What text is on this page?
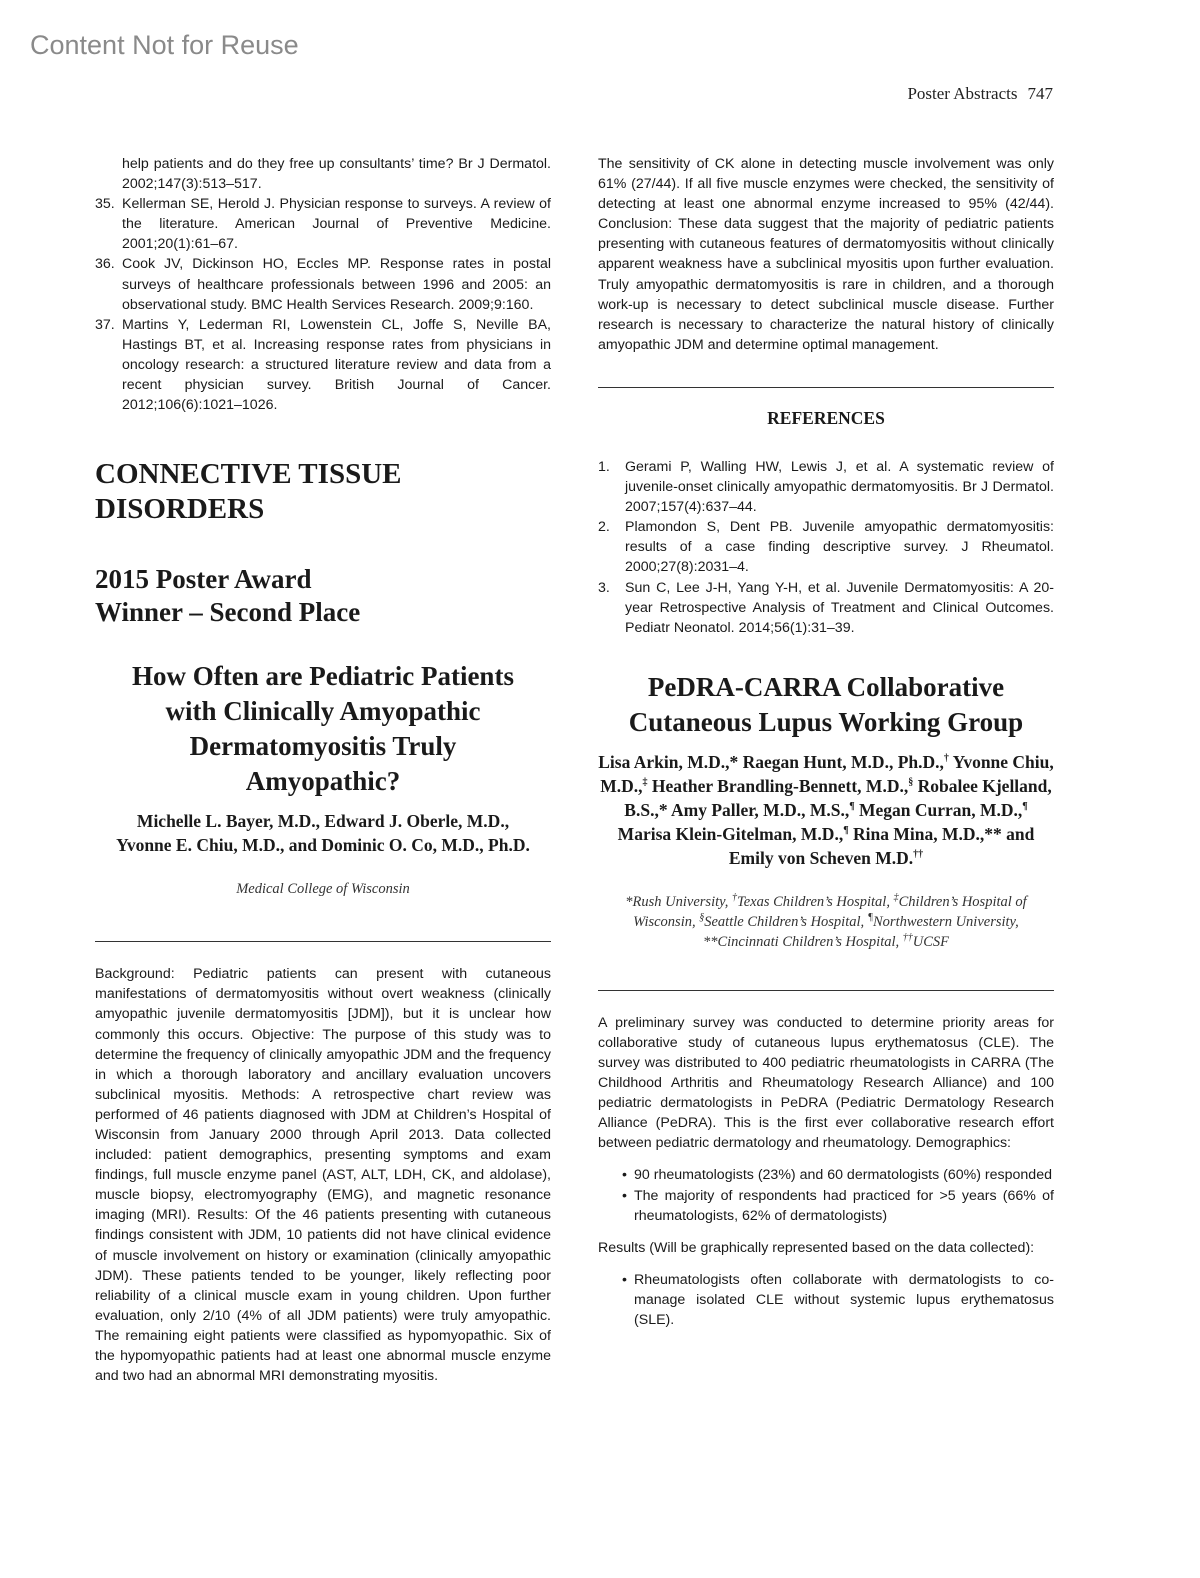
Content Not for Reuse
Poster Abstracts 747

help patients and do they free up consultants’ time? Br J Dermatol. 2002;147(3):513–517.

35. Kellerman SE, Herold J. Physician response to surveys. A review of the literature. American Journal of Preventive Medicine. 2001;20(1):61–67.
36. Cook JV, Dickinson HO, Eccles MP. Response rates in postal surveys of healthcare professionals between 1996 and 2005: an observational study. BMC Health Services Research. 2009;9:160.
37. Martins Y, Lederman RI, Lowenstein CL, Joffe S, Neville BA, Hastings BT, et al. Increasing response rates from physicians in oncology research: a structured literature review and data from a recent physician survey. British Journal of Cancer. 2012;106(6):1021–1026.
CONNECTIVE TISSUE
DISORDERS
2015 Poster Award
Winner – Second Place
How Often are Pediatric Patients
with Clinically Amyopathic
Dermatomyositis Truly
Amyopathic?

Michelle L. Bayer, M.D., Edward J. Oberle, M.D.,
Yvonne E. Chiu, M.D., and Dominic O. Co, M.D., Ph.D.

Medical College of Wisconsin

Background: Pediatric patients can present with cutaneous manifestations of dermatomyositis without overt weakness (clinically amyopathic juvenile dermatomyositis [JDM]), but it is unclear how commonly this occurs. Objective: The purpose of this study was to determine the frequency of clinically amyopathic JDM and the frequency in which a thorough laboratory and ancillary evaluation uncovers subclinical myositis. Methods: A retrospective chart review was performed of 46 patients diagnosed with JDM at Children’s Hospital of Wisconsin from January 2000 through April 2013. Data collected included: patient demographics, presenting symptoms and exam findings, full muscle enzyme panel (AST, ALT, LDH, CK, and aldolase), muscle biopsy, electromyography (EMG), and magnetic resonance imaging (MRI). Results: Of the 46 patients presenting with cutaneous findings consistent with JDM, 10 patients did not have clinical evidence of muscle involvement on history or examination (clinically amyopathic JDM). These patients tended to be younger, likely reflecting poor reliability of a clinical muscle exam in young children. Upon further evaluation, only 2/10 (4% of all JDM patients) were truly amyopathic. The remaining eight patients were classified as hypomyopathic. Six of the hypomyopathic patients had at least one abnormal muscle enzyme and two had an abnormal MRI demonstrating myositis.

The sensitivity of CK alone in detecting muscle involvement was only 61% (27/44). If all five muscle enzymes were checked, the sensitivity of detecting at least one abnormal enzyme increased to 95% (42/44). Conclusion: These data suggest that the majority of pediatric patients presenting with cutaneous features of dermatomyositis without clinically apparent weakness have a subclinical myositis upon further evaluation. Truly amyopathic dermatomyositis is rare in children, and a thorough work-up is necessary to detect subclinical muscle disease. Further research is necessary to characterize the natural history of clinically amyopathic JDM and determine optimal management.

REFERENCES

1. Gerami P, Walling HW, Lewis J, et al. A systematic review of juvenile-onset clinically amyopathic dermatomyositis. Br J Dermatol. 2007;157(4):637–44.
2. Plamondon S, Dent PB. Juvenile amyopathic dermatomyositis: results of a case finding descriptive survey. J Rheumatol. 2000;27(8):2031–4.
3. Sun C, Lee J-H, Yang Y-H, et al. Juvenile Dermatomyositis: A 20-year Retrospective Analysis of Treatment and Clinical Outcomes. Pediatr Neonatol. 2014;56(1):31–39.
PeDRA-CARRA Collaborative
Cutaneous Lupus Working Group

Lisa Arkin, M.D.,* Raegan Hunt, M.D., Ph.D.,† Yvonne Chiu, M.D.,‡ Heather Brandling-Bennett, M.D.,§ Robalee Kjelland, B.S.,* Amy Paller, M.D., M.S.,¶ Megan Curran, M.D.,¶ Marisa Klein-Gitelman, M.D.,¶ Rina Mina, M.D.,** and Emily von Scheven M.D.††

*Rush University, †Texas Children’s Hospital, ‡Children’s Hospital of Wisconsin, §Seattle Children’s Hospital, ¶Northwestern University, **Cincinnati Children’s Hospital, ††UCSF

A preliminary survey was conducted to determine priority areas for collaborative study of cutaneous lupus erythematosus (CLE). The survey was distributed to 400 pediatric rheumatologists in CARRA (The Childhood Arthritis and Rheumatology Research Alliance) and 100 pediatric dermatologists in PeDRA (Pediatric Dermatology Research Alliance (PeDRA). This is the first ever collaborative research effort between pediatric dermatology and rheumatology. Demographics:

• 90 rheumatologists (23%) and 60 dermatologists (60%) responded
• The majority of respondents had practiced for >5 years (66% of rheumatologists, 62% of dermatologists)

Results (Will be graphically represented based on the data collected):

• Rheumatologists often collaborate with dermatologists to co-manage isolated CLE without systemic lupus erythematosus (SLE).
